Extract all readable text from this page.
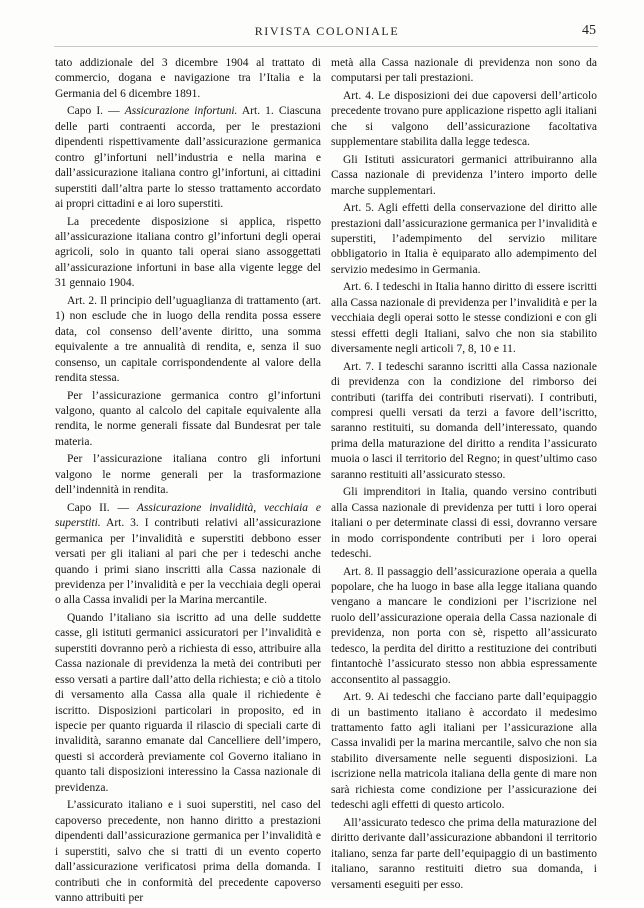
RIVISTA COLONIALE	45

tato addizionale del 3 dicembre 1904 al trattato di commercio, dogana e navigazione tra l’Italia e la Germania del 6 dicembre 1891.

Capo I. — Assicurazione infortuni. Art. 1. Ciascuna delle parti contraenti accorda, per le prestazioni dipendenti rispettivamente dall’assicurazione germanica contro gl’infortuni nell’industria e nella marina e dall’assicurazione italiana contro gl’infortuni, ai cittadini superstiti dall’altra parte lo stesso trattamento accordato ai propri cittadini e ai loro superstiti.

La precedente disposizione si applica, rispetto all’assicurazione italiana contro gl’infortuni degli operai agricoli, solo in quanto tali operai siano assoggettati all’assicurazione infortuni in base alla vigente legge del 31 gennaio 1904.

Art. 2. Il principio dell’uguaglianza di trattamento (art. 1) non esclude che in luogo della rendita possa essere data, col consenso dell’avente diritto, una somma equivalente a tre annualità di rendita, e, senza il suo consenso, un capitale corrispondendente al valore della rendita stessa.

Per l’assicurazione germanica contro gl’infortuni valgono, quanto al calcolo del capitale equivalente alla rendita, le norme generali fissate dal Bundesrat per tale materia.

Per l’assicurazione italiana contro gli infortuni valgono le norme generali per la trasformazione dell’indennità in rendita.

Capo II. — Assicurazione invalidità, vecchiaia e superstiti. Art. 3. I contributi relativi all’assicurazione germanica per l’invalidità e superstiti debbono esser versati per gli italiani al pari che per i tedeschi anche quando i primi siano inscritti alla Cassa nazionale di previdenza per l’invalidità e per la vecchiaia degli operai o alla Cassa invalidi per la Marina mercantile.

Quando l’italiano sia iscritto ad una delle suddette casse, gli istituti germanici assicuratori per l’invalidità e superstiti dovranno però a richiesta di esso, attribuire alla Cassa nazionale di previdenza la metà dei contributi per esso versati a partire dall’atto della richiesta; e ciò a titolo di versamento alla Cassa alla quale il richiedente è iscritto. Disposizioni particolari in proposito, ed in ispecie per quanto riguarda il rilascio di speciali carte di invalidità, saranno emanate dal Cancelliere dell’impero, questi si accorderà previamente col Governo italiano in quanto tali disposizioni interessino la Cassa nazionale di previdenza.

L’assicurato italiano e i suoi superstiti, nel caso del capoverso precedente, non hanno diritto a prestazioni dipendenti dall’assicurazione germanica per l’invalidità e i superstiti, salvo che si tratti di un evento coperto dall’assicurazione verificatosi prima della domanda. I contributi che in conformità del precedente capoverso vanno attribuiti per

metà alla Cassa nazionale di previdenza non sono da computarsi per tali prestazioni.

Art. 4. Le disposizioni dei due capoversi dell’articolo precedente trovano pure applicazione rispetto agli italiani che si valgono dell’assicurazione facoltativa supplementare stabilita dalla legge tedesca.

Gli Istituti assicuratori germanici attribuiranno alla Cassa nazionale di previdenza l’intero importo delle marche supplementari.

Art. 5. Agli effetti della conservazione del diritto alle prestazioni dall’assicurazione germanica per l’invalidità e superstiti, l’adempimento del servizio militare obbligatorio in Italia è equiparato allo adempimento del servizio medesimo in Germania.

Art. 6. I tedeschi in Italia hanno diritto di essere iscritti alla Cassa nazionale di previdenza per l’invalidità e per la vecchiaia degli operai sotto le stesse condizioni e con gli stessi effetti degli Italiani, salvo che non sia stabilito diversamente negli articoli 7, 8, 10 e 11.

Art. 7. I tedeschi saranno iscritti alla Cassa nazionale di previdenza con la condizione del rimborso dei contributi (tariffa dei contributi riservati). I contributi, compresi quelli versati da terzi a favore dell’iscritto, saranno restituiti, su domanda dell’interessato, quando prima della maturazione del diritto a rendita l’assicurato muoia o lasci il territorio del Regno; in quest’ultimo caso saranno restituiti all’assicurato stesso.

Gli imprenditori in Italia, quando versino contributi alla Cassa nazionale di previdenza per tutti i loro operai italiani o per determinate classi di essi, dovranno versare in modo corrispondente contributi per i loro operai tedeschi.

Art. 8. Il passaggio dell’assicurazione operaia a quella popolare, che ha luogo in base alla legge italiana quando vengano a mancare le condizioni per l’iscrizione nel ruolo dell’assicurazione operaia della Cassa nazionale di previdenza, non porta con sè, rispetto all’assicurato tedesco, la perdita del diritto a restituzione dei contributi fintantochè l’assicurato stesso non abbia espressamente acconsentito al passaggio.

Art. 9. Ai tedeschi che facciano parte dall’equipaggio di un bastimento italiano è accordato il medesimo trattamento fatto agli italiani per l’assicurazione alla Cassa invalidi per la marina mercantile, salvo che non sia stabilito diversamente nelle seguenti disposizioni. La iscrizione nella matricola italiana della gente di mare non sarà richiesta come condizione per l’assicurazione dei tedeschi agli effetti di questo articolo.

All’assicurato tedesco che prima della maturazione del diritto derivante dall’assicurazione abbandoni il territorio italiano, senza far parte dell’equipaggio di un bastimento italiano, saranno restituiti dietro sua domanda, i versamenti eseguiti per esso.
